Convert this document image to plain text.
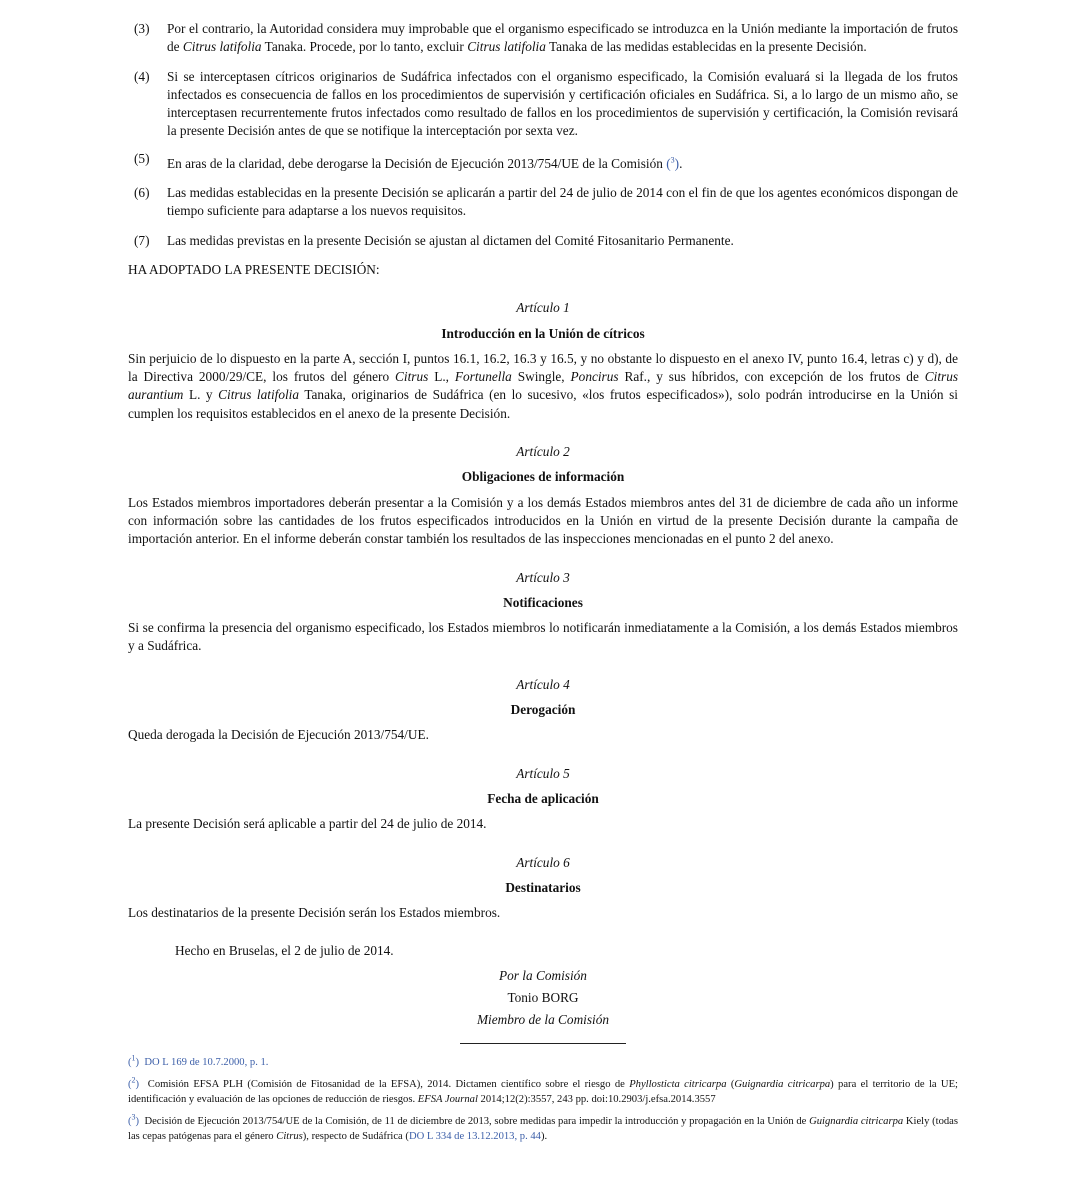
(3)	Por el contrario, la Autoridad considera muy improbable que el organismo especificado se introduzca en la Unión mediante la importación de frutos de Citrus latifolia Tanaka. Procede, por lo tanto, excluir Citrus latifolia Tanaka de las medidas establecidas en la presente Decisión.
(4)	Si se interceptasen cítricos originarios de Sudáfrica infectados con el organismo especificado, la Comisión evaluará si la llegada de los frutos infectados es consecuencia de fallos en los procedimientos de supervisión y certificación oficiales en Sudáfrica. Si, a lo largo de un mismo año, se interceptasen recurrentemente frutos infectados como resultado de fallos en los procedimientos de supervisión y certificación, la Comisión revisará la presente Decisión antes de que se notifique la interceptación por sexta vez.
(5)	En aras de la claridad, debe derogarse la Decisión de Ejecución 2013/754/UE de la Comisión ($^3$).
(6)	Las medidas establecidas en la presente Decisión se aplicarán a partir del 24 de julio de 2014 con el fin de que los agentes económicos dispongan de tiempo suficiente para adaptarse a los nuevos requisitos.
(7)	Las medidas previstas en la presente Decisión se ajustan al dictamen del Comité Fitosanitario Permanente.
HA ADOPTADO LA PRESENTE DECISIÓN:
Artículo 1
Introducción en la Unión de cítricos
Sin perjuicio de lo dispuesto en la parte A, sección I, puntos 16.1, 16.2, 16.3 y 16.5, y no obstante lo dispuesto en el anexo IV, punto 16.4, letras c) y d), de la Directiva 2000/29/CE, los frutos del género Citrus L., Fortunella Swingle, Poncirus Raf., y sus híbridos, con excepción de los frutos de Citrus aurantium L. y Citrus latifolia Tanaka, originarios de Sudáfrica (en lo sucesivo, «los frutos especificados»), solo podrán introducirse en la Unión si cumplen los requisitos establecidos en el anexo de la presente Decisión.
Artículo 2
Obligaciones de información
Los Estados miembros importadores deberán presentar a la Comisión y a los demás Estados miembros antes del 31 de diciembre de cada año un informe con información sobre las cantidades de los frutos especificados introducidos en la Unión en virtud de la presente Decisión durante la campaña de importación anterior. En el informe deberán constar también los resultados de las inspecciones mencionadas en el punto 2 del anexo.
Artículo 3
Notificaciones
Si se confirma la presencia del organismo especificado, los Estados miembros lo notificarán inmediatamente a la Comisión, a los demás Estados miembros y a Sudáfrica.
Artículo 4
Derogación
Queda derogada la Decisión de Ejecución 2013/754/UE.
Artículo 5
Fecha de aplicación
La presente Decisión será aplicable a partir del 24 de julio de 2014.
Artículo 6
Destinatarios
Los destinatarios de la presente Decisión serán los Estados miembros.
Hecho en Bruselas, el 2 de julio de 2014.
Por la Comisión
Tonio BORG
Miembro de la Comisión
($^1$) DO L 169 de 10.7.2000, p. 1.
($^2$) Comisión EFSA PLH (Comisión de Fitosanidad de la EFSA), 2014. Dictamen científico sobre el riesgo de Phyllosticta citricarpa (Guignardia citricarpa) para el territorio de la UE; identificación y evaluación de las opciones de reducción de riesgos. EFSA Journal 2014;12(2):3557, 243 pp. doi:10.2903/j.efsa.2014.3557
($^3$) Decisión de Ejecución 2013/754/UE de la Comisión, de 11 de diciembre de 2013, sobre medidas para impedir la introducción y propagación en la Unión de Guignardia citricarpa Kiely (todas las cepas patógenas para el género Citrus), respecto de Sudáfrica (DO L 334 de 13.12.2013, p. 44).
